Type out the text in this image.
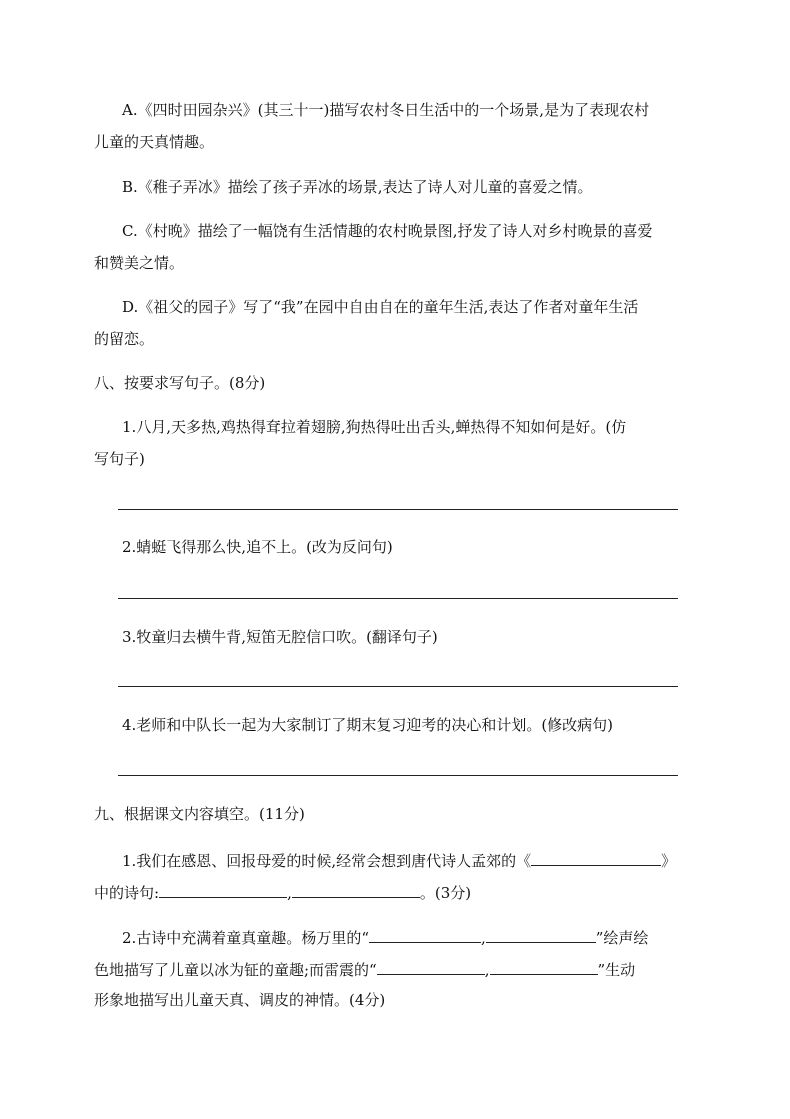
A.《四时田园杂兴》(其三十一)描写农村冬日生活中的一个场景,是为了表现农村
儿童的天真情趣。
B.《稚子弄冰》描绘了孩子弄冰的场景,表达了诗人对儿童的喜爱之情。
C.《村晚》描绘了一幅饶有生活情趣的农村晚景图,抒发了诗人对乡村晚景的喜爱
和赞美之情。
D.《祖父的园子》写了“我”在园中自由自在的童年生活,表达了作者对童年生活
的留恋。
八、按要求写句子。(8分)
1.八月,天多热,鸡热得耷拉着翅膀,狗热得吐出舌头,蝉热得不知如何是好。(仿
写句子)
2.蜻蜓飞得那么快,追不上。(改为反问句)
3.牧童归去横牛背,短笛无腔信口吹。(翻译句子)
4.老师和中队长一起为大家制订了期末复习迎考的决心和计划。(修改病句)
九、根据课文内容填空。(11分)
1.我们在感恩、回报母爱的时候,经常会想到唐代诗人孟郊的《	》
中的诗句:	,	。(3分)
2.古诗中充满着童真童趣。杨万里的“	,	”绘声绘
色地描写了儿童以冰为钲的童趣;而雷震的“	,	”生动
形象地描写出儿童天真、调皮的神情。(4分)
